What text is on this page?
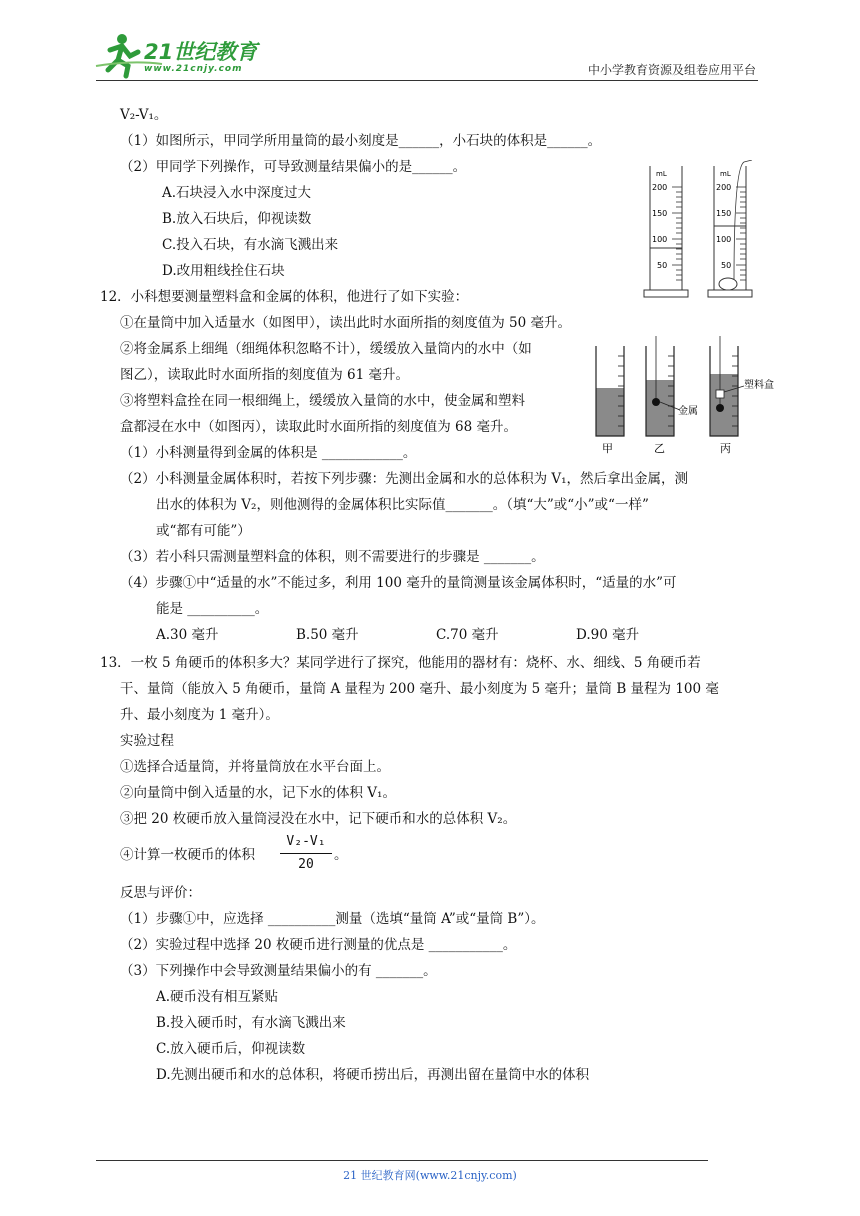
21世纪教育
www.21cnjy.com	中小学教育资源及组卷应用平台
V₂-V₁。
（1）如图所示，甲同学所用量筒的最小刻度是______，小石块的体积是______。
（2）甲同学下列操作，可导致测量结果偏小的是______。
A.石块浸入水中深度过大
B.放入石块后，仰视读数
C.投入石块，有水滴飞溅出来
D.改用粗线拴住石块
mL
200
150
100
50
mL
200
150
100
50
12．小科想要测量塑料盒和金属的体积，他进行了如下实验：
①在量筒中加入适量水（如图甲），读出此时水面所指的刻度值为 50 毫升。
②将金属系上细绳（细绳体积忽略不计），缓缓放入量筒内的水中（如
图乙），读取此时水面所指的刻度值为 61 毫升。
③将塑料盒拴在同一根细绳上，缓缓放入量筒的水中，使金属和塑料
盒都浸在水中（如图丙），读取此时水面所指的刻度值为 68 毫升。
甲
金属
乙
塑料盒
丙
（1）小科测量得到金属的体积是 ____________。
（2）小科测量金属体积时，若按下列步骤：先测出金属和水的总体积为 V₁，然后拿出金属，测
出水的体积为 V₂，则他测得的金属体积比实际值_______。（填“大”或“小”或“一样”
或“都有可能”）
（3）若小科只需测量塑料盒的体积，则不需要进行的步骤是 _______。
（4）步骤①中“适量的水”不能过多，利用 100 毫升的量筒测量该金属体积时，“适量的水”可
能是 __________。
A.30 毫升	B.50 毫升	C.70 毫升	D.90 毫升
13．一枚 5 角硬币的体积多大？某同学进行了探究，他能用的器材有：烧杯、水、细线、5 角硬币若
干、量筒（能放入 5 角硬币，量筒 A 量程为 200 毫升、最小刻度为 5 毫升；量筒 B 量程为 100 毫
升、最小刻度为 1 毫升）。
实验过程
①选择合适量筒，并将量筒放在水平台面上。
②向量筒中倒入适量的水，记下水的体积 V₁。
③把 20 枚硬币放入量筒浸没在水中，记下硬币和水的总体积 V₂。
④计算一枚硬币的体积
V₂-V₁
20
。
反思与评价：
（1）步骤①中，应选择 __________测量（选填“量筒 A”或“量筒 B”）。
（2）实验过程中选择 20 枚硬币进行测量的优点是 ___________。
（3）下列操作中会导致测量结果偏小的有 _______。
A.硬币没有相互紧贴
B.投入硬币时，有水滴飞溅出来
C.放入硬币后，仰视读数
D.先测出硬币和水的总体积，将硬币捞出后，再测出留在量筒中水的体积
21 世纪教育网(www.21cnjy.com)
